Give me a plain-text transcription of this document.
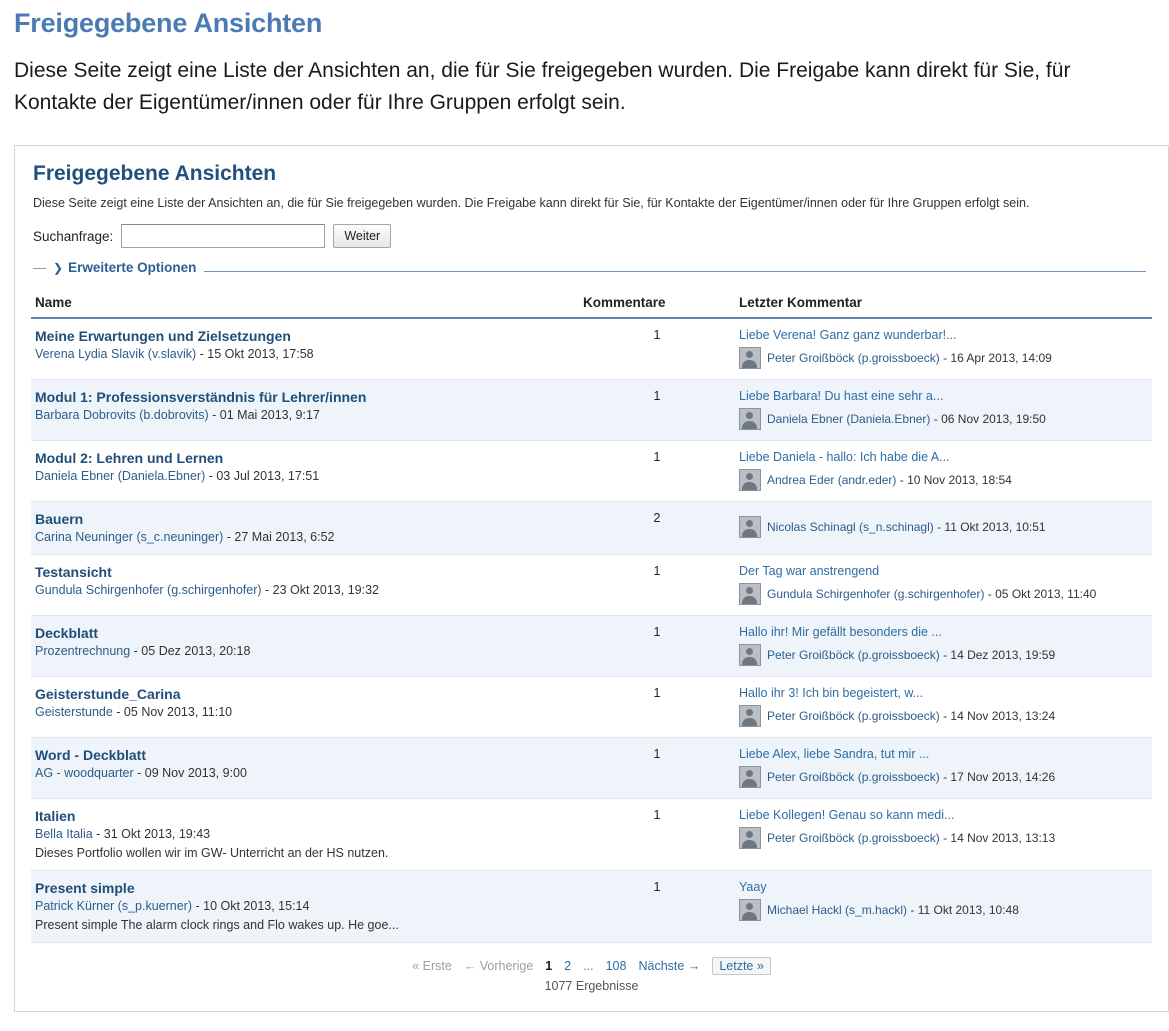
Freigegebene Ansichten

Diese Seite zeigt eine Liste der Ansichten an, die für Sie freigegeben wurden. Die Freigabe kann direkt für Sie, für Kontakte der Eigentümer/innen oder für Ihre Gruppen erfolgt sein.

Freigegebene Ansichten

Diese Seite zeigt eine Liste der Ansichten an, die für Sie freigegeben wurden. Die Freigabe kann direkt für Sie, für Kontakte der Eigentümer/innen oder für Ihre Gruppen erfolgt sein.

Suchanfrage:	Weiter
— ❯ Erweiterte Optionen
Name	Kommentare	Letzter Kommentar

Meine Erwartungen und Zielsetzungen
Verena Lydia Slavik (v.slavik) - 15 Okt 2013, 17:58	1	Liebe Verena! Ganz ganz wunderbar!...
Peter Groißböck (p.groissboeck) - 16 Apr 2013, 14:09

Modul 1: Professionsverständnis für Lehrer/innen
Barbara Dobrovits (b.dobrovits) - 01 Mai 2013, 9:17	1	Liebe Barbara! Du hast eine sehr a...
Daniela Ebner (Daniela.Ebner) - 06 Nov 2013, 19:50

Modul 2: Lehren und Lernen
Daniela Ebner (Daniela.Ebner) - 03 Jul 2013, 17:51	1	Liebe Daniela - hallo: Ich habe die A...
Andrea Eder (andr.eder) - 10 Nov 2013, 18:54

Bauern
Carina Neuninger (s_c.neuninger) - 27 Mai 2013, 6:52	2	Nicolas Schinagl (s_n.schinagl) - 11 Okt 2013, 10:51

Testansicht
Gundula Schirgenhofer (g.schirgenhofer) - 23 Okt 2013, 19:32	1	Der Tag war anstrengend
Gundula Schirgenhofer (g.schirgenhofer) - 05 Okt 2013, 11:40

Deckblatt
Prozentrechnung - 05 Dez 2013, 20:18	1	Hallo ihr! Mir gefällt besonders die ...
Peter Groißböck (p.groissboeck) - 14 Dez 2013, 19:59

Geisterstunde_Carina
Geisterstunde - 05 Nov 2013, 11:10	1	Hallo ihr 3! Ich bin begeistert, w...
Peter Groißböck (p.groissboeck) - 14 Nov 2013, 13:24

Word - Deckblatt
AG - woodquarter - 09 Nov 2013, 9:00	1	Liebe Alex, liebe Sandra, tut mir ...
Peter Groißböck (p.groissboeck) - 17 Nov 2013, 14:26

Italien
Bella Italia - 31 Okt 2013, 19:43
Dieses Portfolio wollen wir im GW- Unterricht an der HS nutzen.	1	Liebe Kollegen! Genau so kann medi...
Peter Groißböck (p.groissboeck) - 14 Nov 2013, 13:13

Present simple
Patrick Kürner (s_p.kuerner) - 10 Okt 2013, 15:14
Present simple The alarm clock rings and Flo wakes up. He goe...	1	Yaay
Michael Hackl (s_m.hackl) - 11 Okt 2013, 10:48
« Erste ← Vorherige 1 2 ... 108 Nächste →	Letzte »
1077 Ergebnisse
